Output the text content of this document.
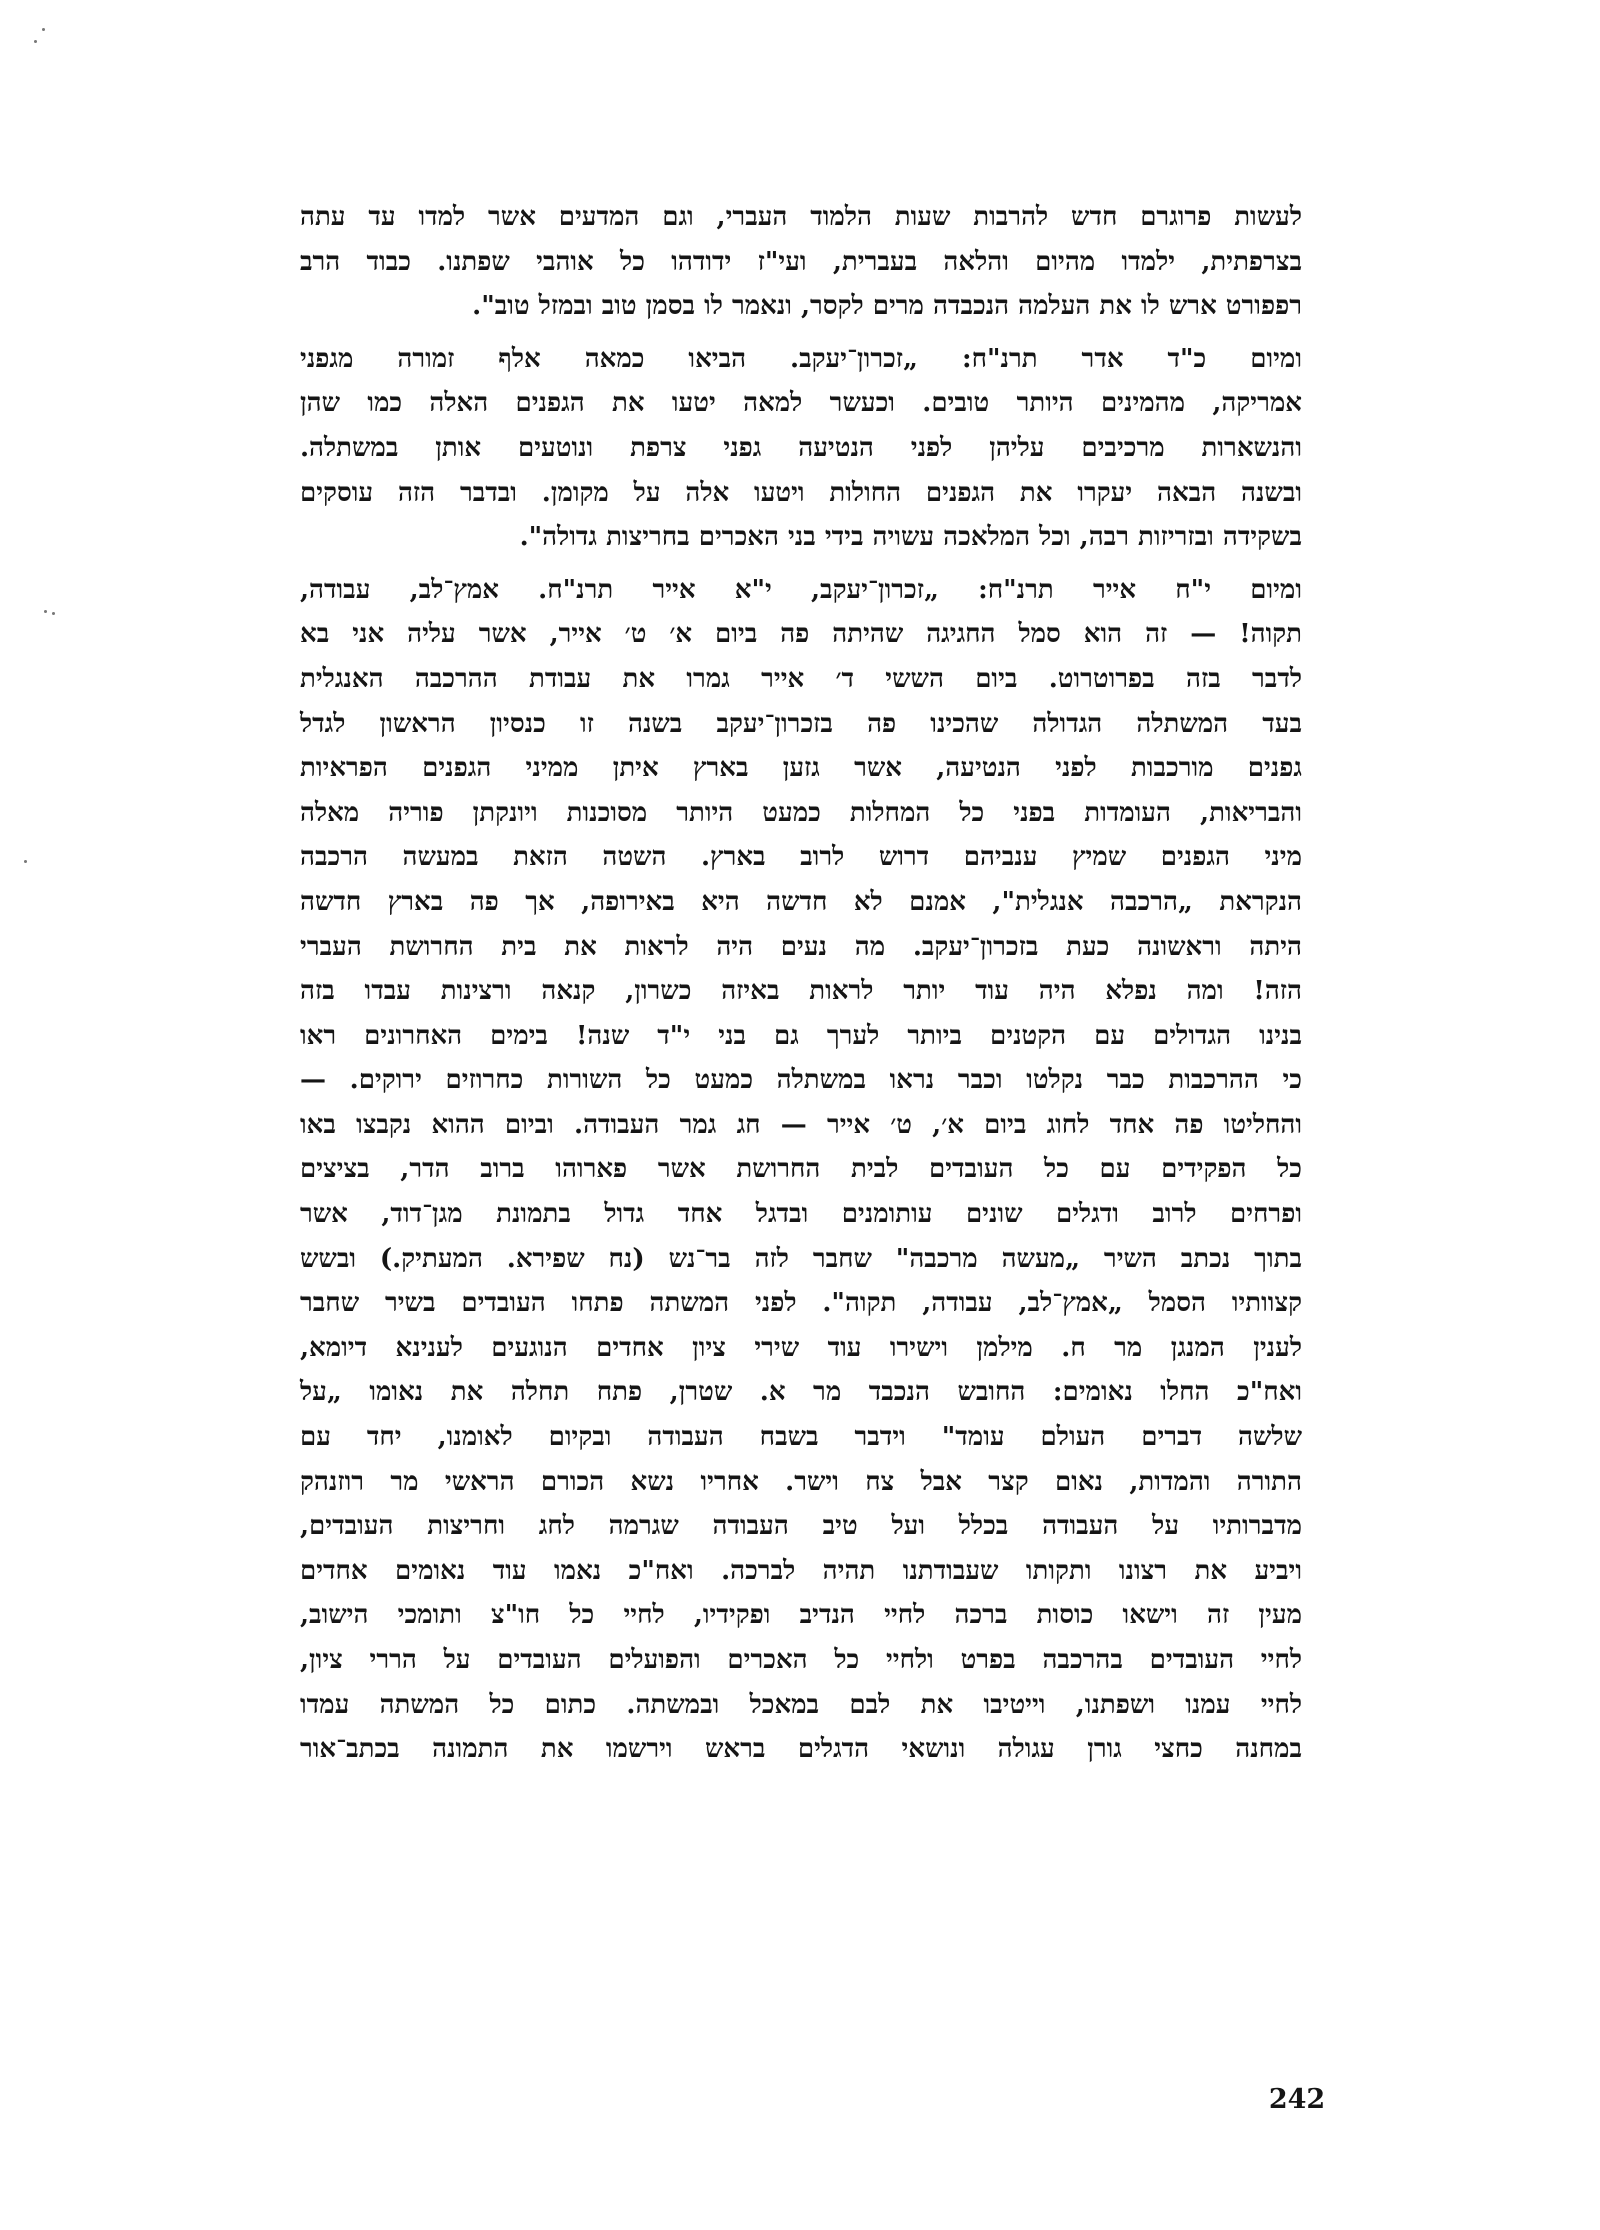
לעשות פרוגרם חדש להרבות שעות הלמוד העברי, וגם המדעים אשר למדו עד עתה
בצרפתית, ילמדו מהיום והלאה בעברית, ועי"ז ידודהו כל אוהבי שפתנו. כבוד הרב
רפפורט ארש לו את העלמה הנכבדה מרים לקסר, ונאמר לו בסמן טוב ובמזל טוב".
ומיום כ"ד אדר תרנ"ח: „זכרון־יעקב. הביאו כמאה אלף זמורה מגפני
אמריקה, מהמינים היותר טובים. וכעשר למאה יטעו את הגפנים האלה כמו שהן
והנשארות מרכיבים עליהן לפני הנטיעה גפני צרפת ונוטעים אותן במשתלה.
ובשנה הבאה יעקרו את הגפנים החולות ויטעו אלה על מקומן. ובדבר הזה עוסקים
בשקידה ובזריזות רבה, וכל המלאכה עשויה בידי בני האכרים בחריצות גדולה".
ומיום י"ח אייר תרנ"ח: „זכרון־יעקב, י"א אייר תרנ"ח. אמץ־לב, עבודה,
תקוה! — זה הוא סמל החגיגה שהיתה פה ביום א׳ ט׳ אייר, אשר עליה אני בא
לדבר בזה בפרוטרוט. ביום הששי ד׳ אייר גמרו את עבודת ההרכבה האנגלית
בעד המשתלה הגדולה שהכינו פה בזכרון־יעקב בשנה זו כנסיון הראשון לגדל
גפנים מורכבות לפני הנטיעה, אשר גזען בארץ איתן ממיני הגפנים הפראיות
והבריאות, העומדות בפני כל המחלות כמעט היותר מסוכנות ויונקתן פוריה מאלה
מיני הגפנים שמיץ ענביהם דרוש לרוב בארץ. השטה הזאת במעשה הרכבה
הנקראת „הרכבה אנגלית", אמנם לא חדשה היא באירופה, אך פה בארץ חדשה
היתה וראשונה כעת בזכרון־יעקב. מה נעים היה לראות את בית החרושת העברי
הזה! ומה נפלא היה עוד יותר לראות באיזה כשרון, קנאה ורצינות עבדו בזה
בנינו הגדולים עם הקטנים ביותר לערך גם בני י"ד שנה! בימים האחרונים ראו
כי ההרכבות כבר נקלטו וכבר נראו במשתלה כמעט כל השורות כחרוזים ירוקים. —
והחליטו פה אחד לחוג ביום א׳, ט׳ אייר — חג גמר העבודה. וביום ההוא נקבצו באו
כל הפקידים עם כל העובדים לבית החרושת אשר פארוהו ברוב הדר, בציצים
ופרחים לרוב ודגלים שונים עותומנים ובדגל אחד גדול בתמונת מגן־דוד, אשר
בתוך נכתב השיר „מעשה מרכבה" שחבר לזה בר־נש (נח שפירא. המעתיק.) ובשש
קצוותיו הסמל „אמץ־לב, עבודה, תקוה". לפני המשתה פתחו העובדים בשיר שחבר
לענין המנגן מר ח. מילמן וישירו עוד שירי ציון אחדים הנוגעים לענינא דיומא,
ואח"כ החלו נאומים: החובש הנכבד מר א. שטרן, פתח תחלה את נאומו „על
שלשה דברים העולם עומד" וידבר בשבח העבודה ובקיום לאומנו, יחד עם
התורה והמדות, נאום קצר אבל צח וישר. אחריו נשא הכורם הראשי מר רוזנהק
מדברותיו על העבודה בכלל ועל טיב העבודה שגרמה לחג וחריצות העובדים,
ויביע את רצונו ותקותו שעבודתנו תהיה לברכה. ואח"כ נאמו עוד נאומים אחדים
מעין זה וישאו כוסות ברכה לחיי הנדיב ופקידיו, לחיי כל חו"צ ותומכי הישוב,
לחיי העובדים בהרכבה בפרט ולחיי כל האכרים והפועלים העובדים על הררי ציון,
לחיי עמנו ושפתנו, וייטיבו את לבם במאכל ובמשתה. כתום כל המשתה עמדו
במחנה כחצי גורן עגולה ונושאי הדגלים בראש וירשמו את התמונה בכתב־אור
242
